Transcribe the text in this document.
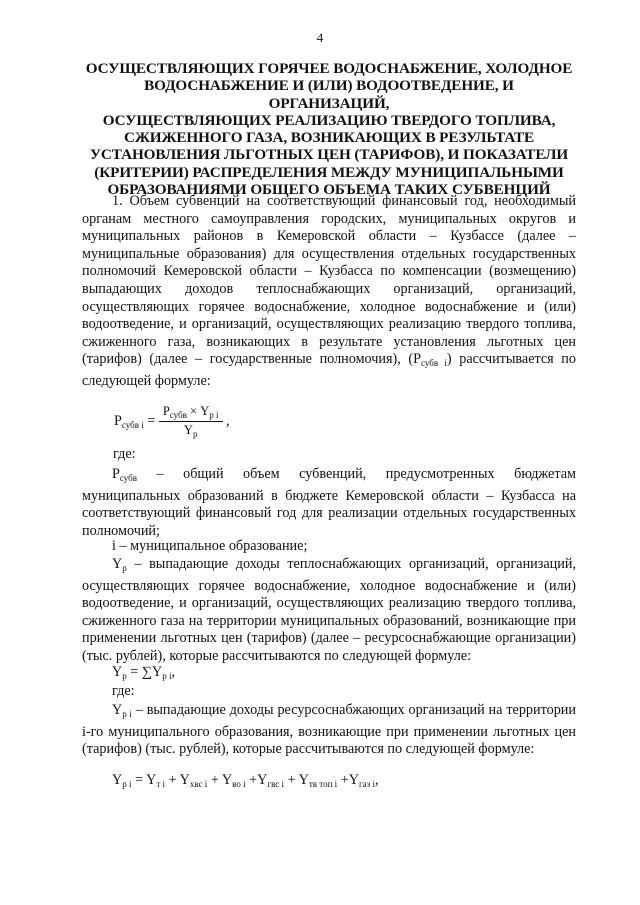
4
ОСУЩЕСТВЛЯЮЩИХ ГОРЯЧЕЕ ВОДОСНАБЖЕНИЕ, ХОЛОДНОЕ
ВОДОСНАБЖЕНИЕ И (ИЛИ) ВОДООТВЕДЕНИЕ, И ОРГАНИЗАЦИЙ,
ОСУЩЕСТВЛЯЮЩИХ РЕАЛИЗАЦИЮ ТВЕРДОГО ТОПЛИВА,
СЖИЖЕННОГО ГАЗА, ВОЗНИКАЮЩИХ В РЕЗУЛЬТАТЕ
УСТАНОВЛЕНИЯ ЛЬГОТНЫХ ЦЕН (ТАРИФОВ), И ПОКАЗАТЕЛИ
(КРИТЕРИИ) РАСПРЕДЕЛЕНИЯ МЕЖДУ МУНИЦИПАЛЬНЫМИ
ОБРАЗОВАНИЯМИ ОБЩЕГО ОБЪЕМА ТАКИХ СУБВЕНЦИЙ

1. Объем субвенций на соответствующий финансовый год, необходимый органам местного самоуправления городских, муниципальных округов и муниципальных районов в Кемеровской области – Кузбассе (далее – муниципальные образования) для осуществления отдельных государственных полномочий Кемеровской области – Кузбасса по компенсации (возмещению) выпадающих доходов теплоснабжающих организаций, организаций, осуществляющих горячее водоснабжение, холодное водоснабжение и (или) водоотведение, и организаций, осуществляющих реализацию твердого топлива, сжиженного газа, возникающих в результате установления льготных цен (тарифов) (далее – государственные полномочия), $(Р_{субв i})$ рассчитывается по следующей формуле:

$Р_{субв i} = \frac{Р_{субв} \times Y_{р i}}{Y_р}$ ,
где:

$Р_{субв}$ – общий объем субвенций, предусмотренных бюджетам муниципальных образований в бюджете Кемеровской области – Кузбасса на соответствующий финансовый год для реализации отдельных государственных полномочий;

i – муниципальное образование;

$Y_р$ – выпадающие доходы теплоснабжающих организаций, организаций, осуществляющих горячее водоснабжение, холодное водоснабжение и (или) водоотведение, и организаций, осуществляющих реализацию твердого топлива, сжиженного газа на территории муниципальных образований, возникающие при применении льготных цен (тарифов) (далее – ресурсоснабжающие организации) (тыс. рублей), которые рассчитываются по следующей формуле:

$Y_р = \sum Y_{р i}$,
где:

$Y_{р i}$ – выпадающие доходы ресурсоснабжающих организаций на территории i-го муниципального образования, возникающие при применении льготных цен (тарифов) (тыс. рублей), которые рассчитываются по следующей формуле:

$Y_{р i} = Y_{т i} + Y_{хвс i} + Y_{во i} +Y_{гвс i} + Y_{тв топ i} +Y_{газ i}$,
